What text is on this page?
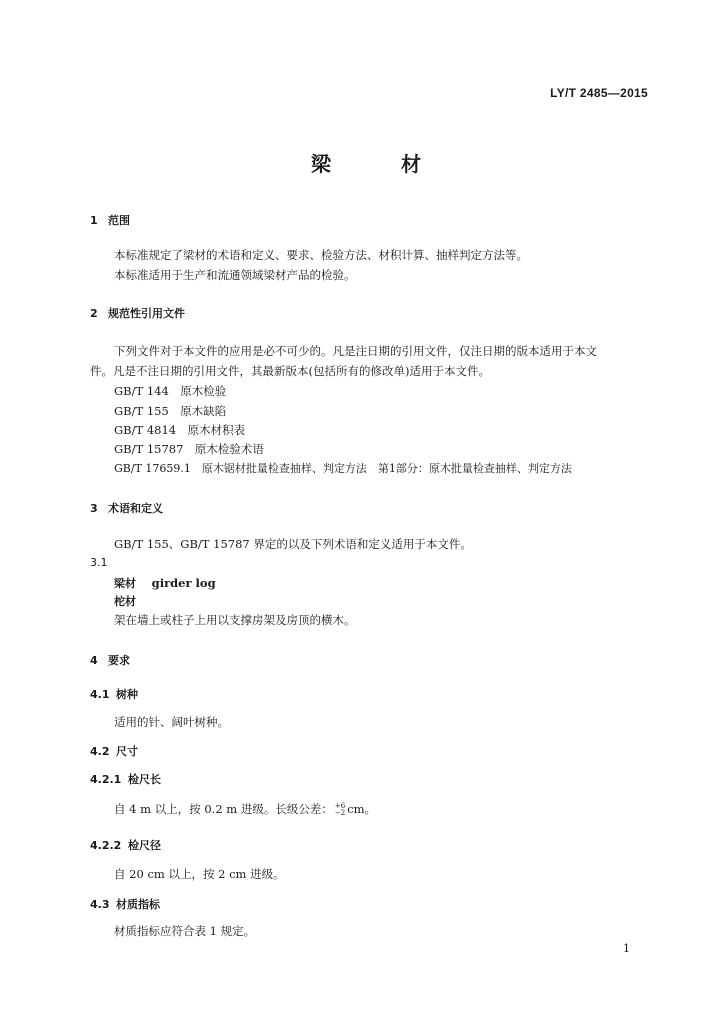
LY/T 2485—2015
梁	材
1 范围
本标准规定了梁材的术语和定义、要求、检验方法、材积计算、抽样判定方法等。
本标准适用于生产和流通领域梁材产品的检验。
2 规范性引用文件
下列文件对于本文件的应用是必不可少的。凡是注日期的引用文件，仅注日期的版本适用于本文
件。凡是不注日期的引用文件，其最新版本(包括所有的修改单)适用于本文件。
GB/T 144　原木检验
GB/T 155　原木缺陷
GB/T 4814　原木材积表
GB/T 15787　原木检验术语
GB/T 17659.1　原木锯材批量检查抽样、判定方法　第1部分：原木批量检查抽样、判定方法
3 术语和定义
GB/T 155、GB/T 15787 界定的以及下列术语和定义适用于本文件。
3.1
梁材 girder log
柁材
架在墙上或柱子上用以支撑房架及房顶的横木。
4 要求
4.1 树种
适用的针、阔叶树种。
4.2 尺寸
4.2.1 检尺长
自 4 m 以上，按 0.2 m 进级。长级公差： +6
−2 cm。
4.2.2 检尺径
自 20 cm 以上，按 2 cm 进级。
4.3 材质指标
材质指标应符合表 1 规定。
1
